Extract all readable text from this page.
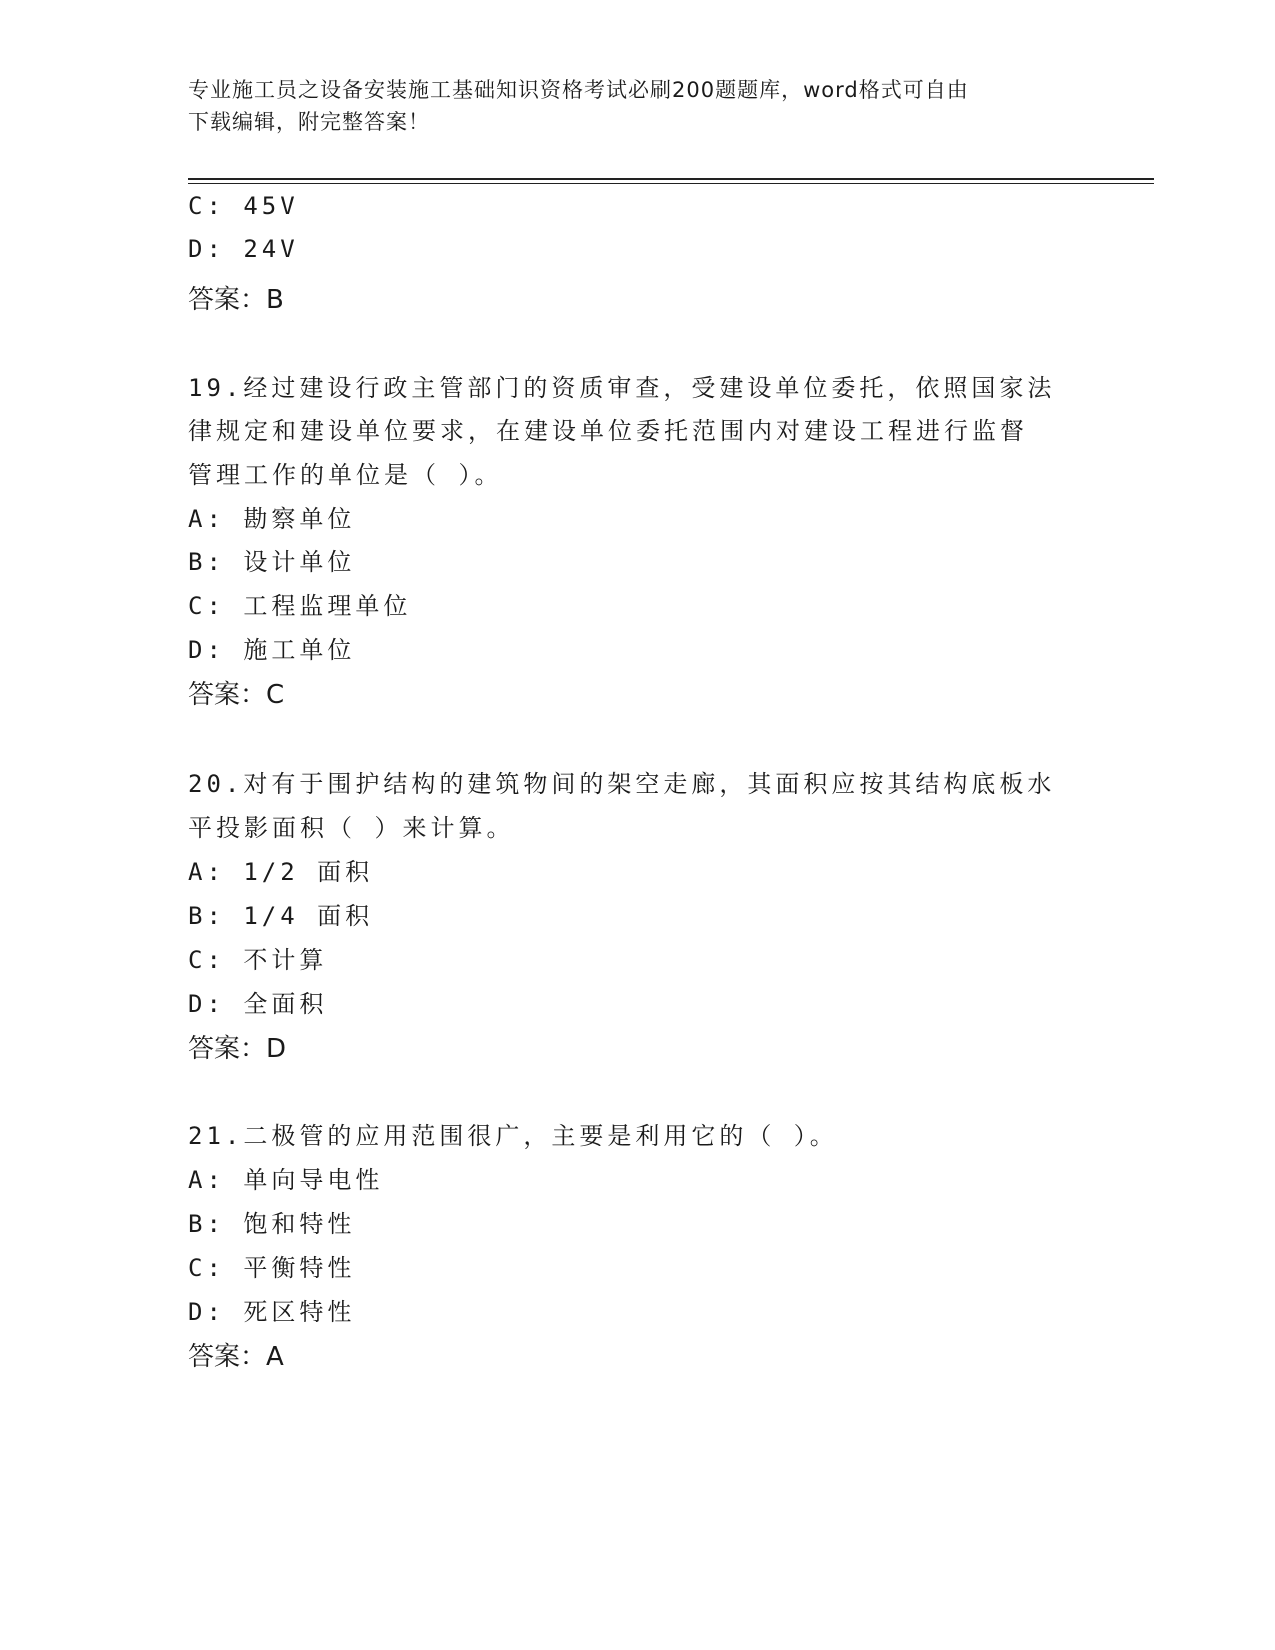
专业施工员之设备安装施工基础知识资格考试必刷200题题库，word格式可自由
下载编辑，附完整答案！
C: 45V
D: 24V
答案：B
19.经过建设行政主管部门的资质审查，受建设单位委托，依照国家法
律规定和建设单位要求，在建设单位委托范围内对建设工程进行监督
管理工作的单位是（ ）。
A: 勘察单位
B: 设计单位
C: 工程监理单位
D: 施工单位
答案：C
20.对有于围护结构的建筑物间的架空走廊，其面积应按其结构底板水
平投影面积（ ）来计算。
A: 1/2 面积
B: 1/4 面积
C: 不计算
D: 全面积
答案：D
21.二极管的应用范围很广，主要是利用它的（ ）。
A: 单向导电性
B: 饱和特性
C: 平衡特性
D: 死区特性
答案：A
